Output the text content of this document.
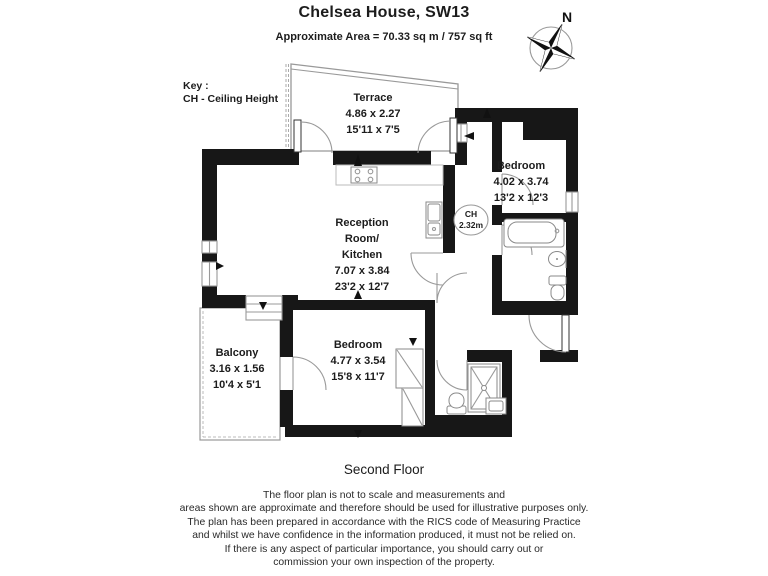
Chelsea House, SW13
Approximate Area = 70.33 sq m / 757 sq ft
Key :
CH - Ceiling Height
N
CH
2.32m
Terrace
4.86 x 2.27
15'11 x 7'5
Reception
Room/
Kitchen
7.07 x 3.84
23'2 x 12'7
Bedroom
4.02 x 3.74
13'2 x 12'3
Bedroom
4.77 x 3.54
15'8 x 11'7
Balcony
3.16 x 1.56
10'4 x 5'1
Second Floor
The floor plan is not to scale and measurements and
areas shown are approximate and therefore should be used for illustrative purposes only.
The plan has been prepared in accordance with the RICS code of Measuring Practice
and whilst we have confidence in the information produced, it must not be relied on.
If there is any aspect of particular importance, you should carry out or
commission your own inspection of the property.
